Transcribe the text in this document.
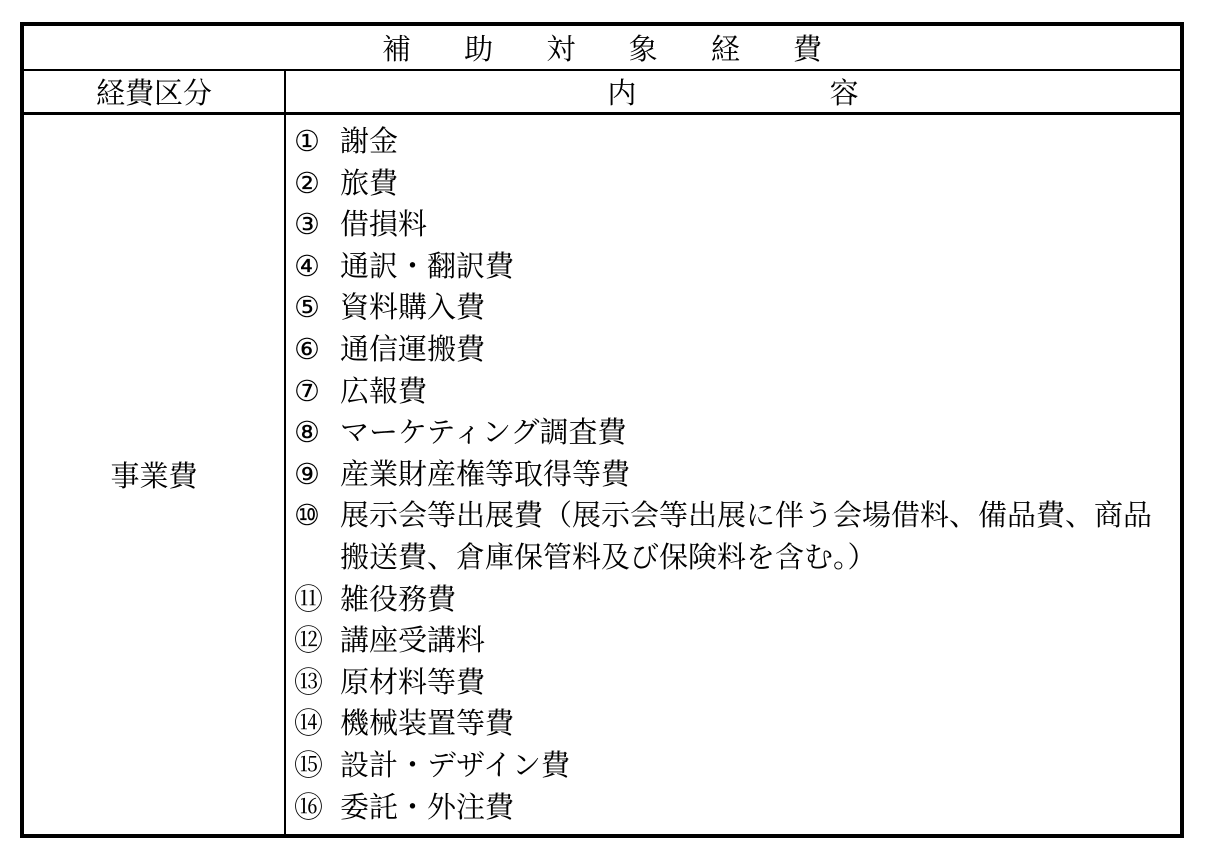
補 助 対 象 経 費
経費区分	内 容
事業費
① 謝金
② 旅費
③ 借損料
④ 通訳・翻訳費
⑤ 資料購入費
⑥ 通信運搬費
⑦ 広報費
⑧ マーケティング調査費
⑨ 産業財産権等取得等費
⑩ 展示会等出展費（展示会等出展に伴う会場借料、備品費、商品搬送費、倉庫保管料及び保険料を含む。）
⑪ 雑役務費
⑫ 講座受講料
⑬ 原材料等費
⑭ 機械装置等費
⑮ 設計・デザイン費
⑯ 委託・外注費
